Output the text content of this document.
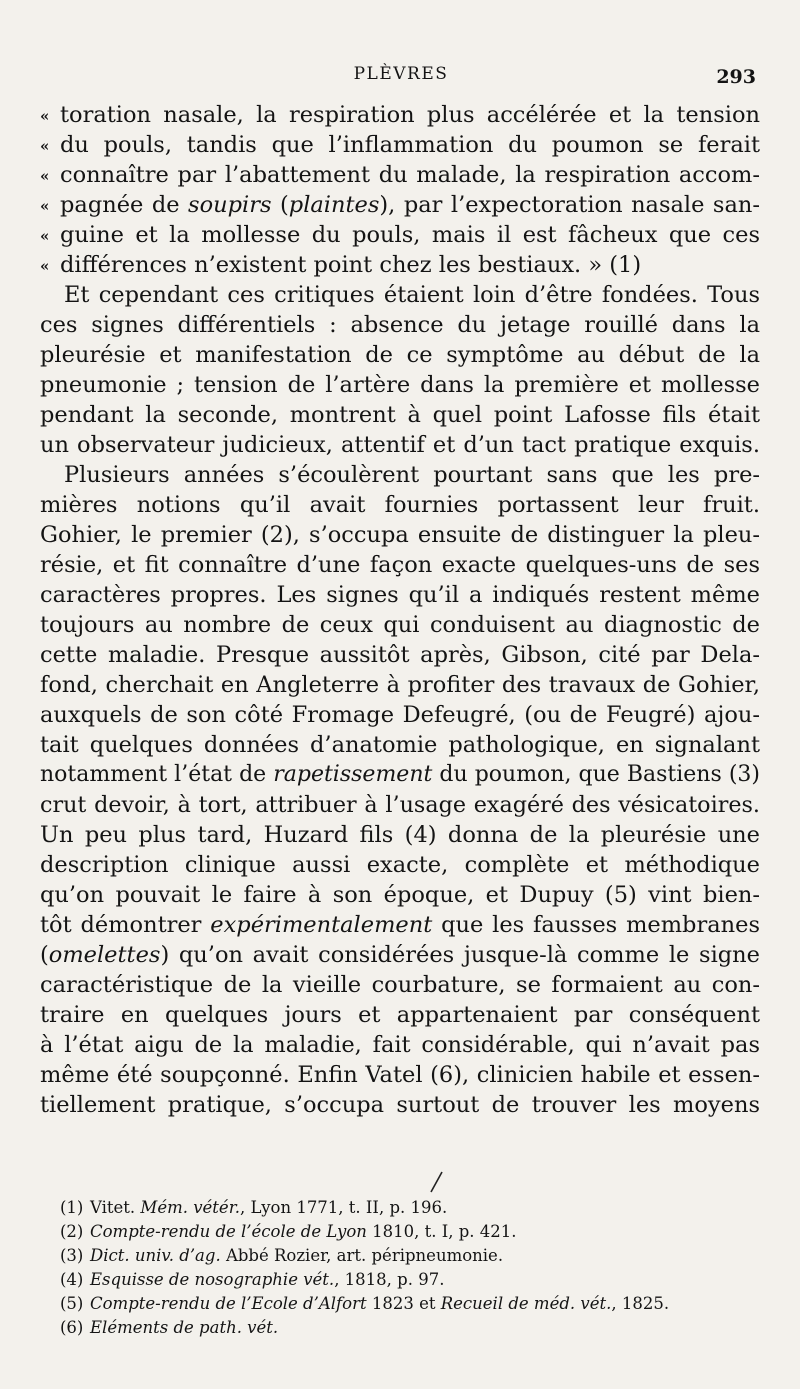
PLÈVRES	293
« toration nasale, la respiration plus accélérée et la tension
« du pouls, tandis que l’inflammation du poumon se ferait
« connaître par l’abattement du malade, la respiration accom-
« pagnée de soupirs (plaintes), par l’expectoration nasale san-
« guine et la mollesse du pouls, mais il est fâcheux que ces
« différences n’existent point chez les bestiaux. » (1)
Et cependant ces critiques étaient loin d’être fondées. Tous
ces signes différentiels : absence du jetage rouillé dans la
pleurésie et manifestation de ce symptôme au début de la
pneumonie ; tension de l’artère dans la première et mollesse
pendant la seconde, montrent à quel point Lafosse fils était
un observateur judicieux, attentif et d’un tact pratique exquis.
Plusieurs années s’écoulèrent pourtant sans que les pre-
mières notions qu’il avait fournies portassent leur fruit.
Gohier, le premier (2), s’occupa ensuite de distinguer la pleu-
résie, et fit connaître d’une façon exacte quelques-uns de ses
caractères propres. Les signes qu’il a indiqués restent même
toujours au nombre de ceux qui conduisent au diagnostic de
cette maladie. Presque aussitôt après, Gibson, cité par Dela-
fond, cherchait en Angleterre à profiter des travaux de Gohier,
auxquels de son côté Fromage Defeugré, (ou de Feugré) ajou-
tait quelques données d’anatomie pathologique, en signalant
notamment l’état de rapetissement du poumon, que Bastiens (3)
crut devoir, à tort, attribuer à l’usage exagéré des vésicatoires.
Un peu plus tard, Huzard fils (4) donna de la pleurésie une
description clinique aussi exacte, complète et méthodique
qu’on pouvait le faire à son époque, et Dupuy (5) vint bien-
tôt démontrer expérimentalement que les fausses membranes
(omelettes) qu’on avait considérées jusque-là comme le signe
caractéristique de la vieille courbature, se formaient au con-
traire en quelques jours et appartenaient par conséquent
à l’état aigu de la maladie, fait considérable, qui n’avait pas
même été soupçonné. Enfin Vatel (6), clinicien habile et essen-
tiellement pratique, s’occupa surtout de trouver les moyens
(1) Vitet. Mém. vétér., Lyon 1771, t. II, p. 196.
(2) Compte-rendu de l’école de Lyon 1810, t. I, p. 421.
(3) Dict. univ. d’ag. Abbé Rozier, art. péripneumonie.
(4) Esquisse de nosographie vét., 1818, p. 97.
(5) Compte-rendu de l’Ecole d’Alfort 1823 et Recueil de méd. vét., 1825.
(6) Eléments de path. vét.
